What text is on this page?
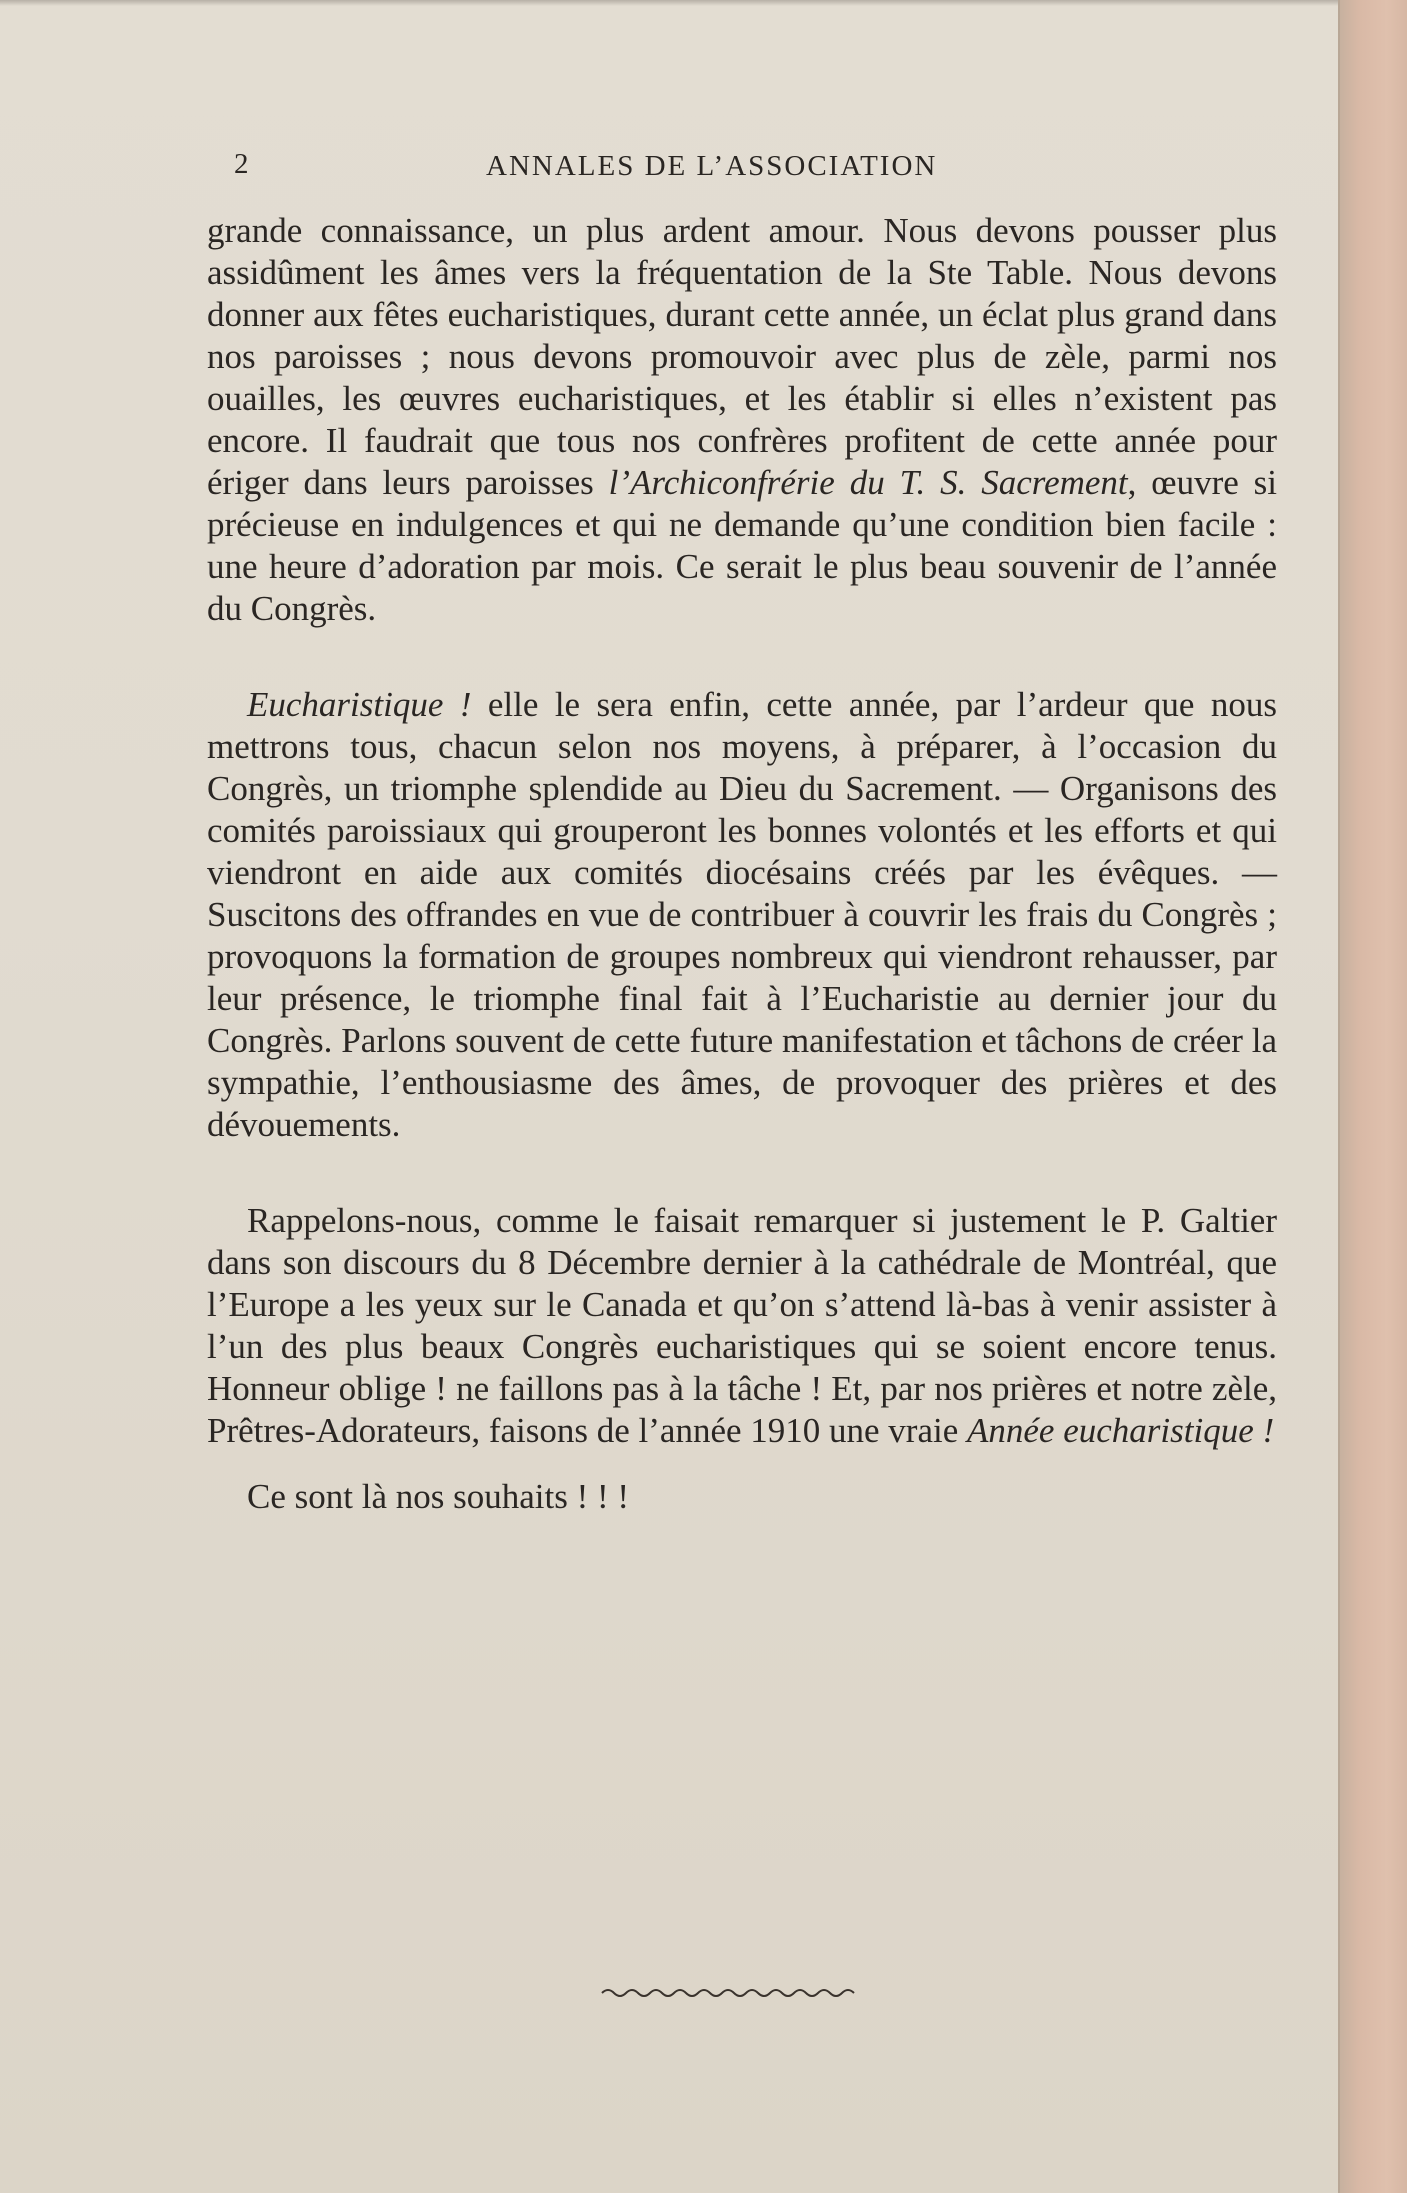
2	ANNALES DE L’ASSOCIATION

grande connaissance, un plus ardent amour. Nous devons pousser plus assidûment les âmes vers la fréquentation de la Ste Table. Nous devons donner aux fêtes eucharistiques, durant cette année, un éclat plus grand dans nos paroisses ; nous devons promouvoir avec plus de zèle, parmi nos ouailles, les œuvres eucharistiques, et les établir si elles n’existent pas encore. Il faudrait que tous nos confrères profitent de cette année pour ériger dans leurs paroisses l’Archiconfrérie du T. S. Sacrement, œuvre si précieuse en indulgences et qui ne demande qu’une condition bien facile : une heure d’adoration par mois. Ce serait le plus beau souvenir de l’année du Congrès.

Eucharistique ! elle le sera enfin, cette année, par l’ardeur que nous mettrons tous, chacun selon nos moyens, à préparer, à l’occasion du Congrès, un triomphe splendide au Dieu du Sacrement. — Organisons des comités paroissiaux qui grouperont les bonnes volontés et les efforts et qui viendront en aide aux comités diocésains créés par les évêques. — Suscitons des offrandes en vue de contribuer à couvrir les frais du Congrès ; provoquons la formation de groupes nombreux qui viendront rehausser, par leur présence, le triomphe final fait à l’Eucharistie au dernier jour du Congrès. Parlons souvent de cette future manifestation et tâchons de créer la sympathie, l’enthousiasme des âmes, de provoquer des prières et des dévouements.

Rappelons-nous, comme le faisait remarquer si justement le P. Galtier dans son discours du 8 Décembre dernier à la cathédrale de Montréal, que l’Europe a les yeux sur le Canada et qu’on s’attend là-bas à venir assister à l’un des plus beaux Congrès eucharistiques qui se soient encore tenus. Honneur oblige ! ne faillons pas à la tâche ! Et, par nos prières et notre zèle, Prêtres-Adorateurs, faisons de l’année 1910 une vraie Année eucharistique !

Ce sont là nos souhaits ! ! !
